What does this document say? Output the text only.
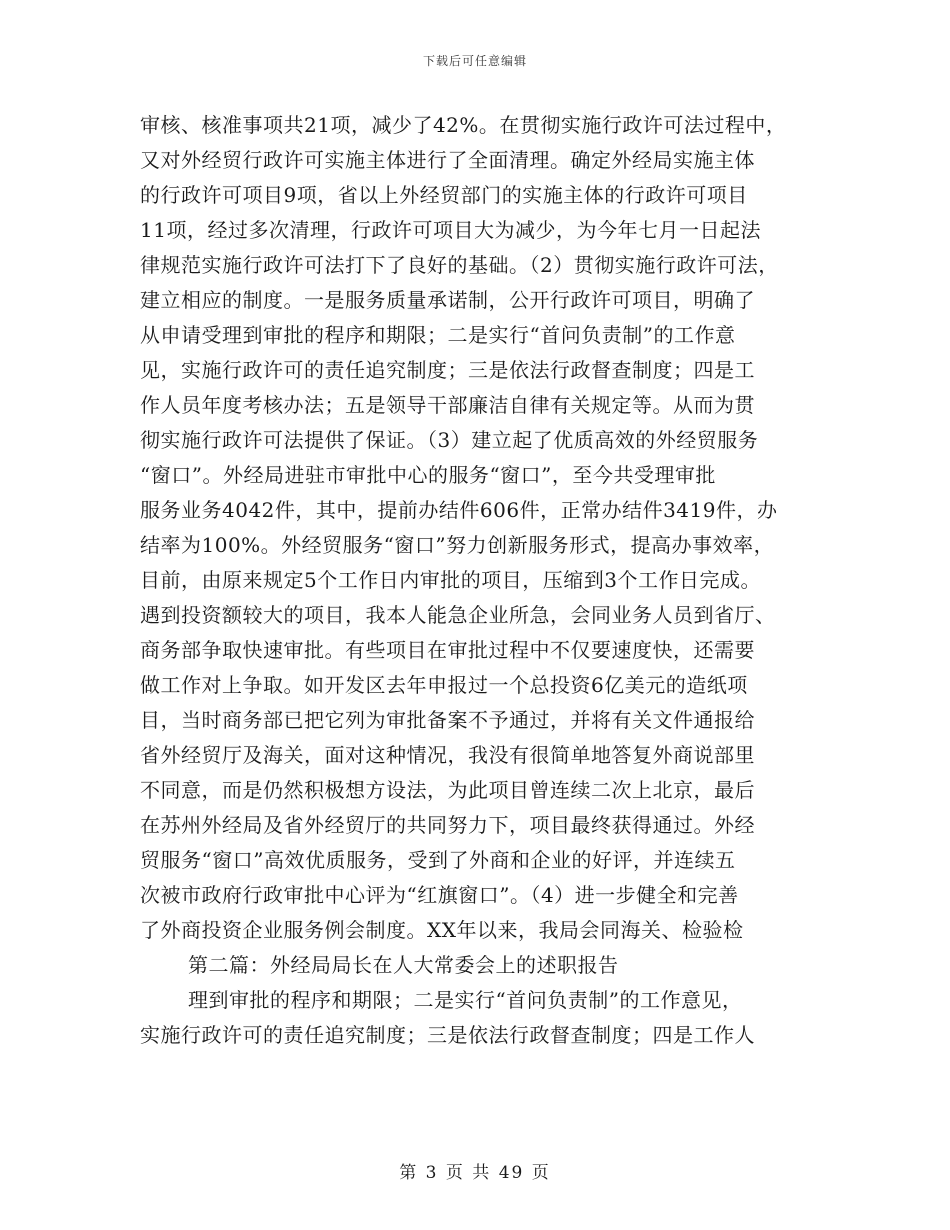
下载后可任意编辑
审核、核准事项共21项，减少了42%。在贯彻实施行政许可法过程中，
又对外经贸行政许可实施主体进行了全面清理。确定外经局实施主体
的行政许可项目9项，省以上外经贸部门的实施主体的行政许可项目
11项，经过多次清理，行政许可项目大为减少，为今年七月一日起法
律规范实施行政许可法打下了良好的基础。（2）贯彻实施行政许可法，
建立相应的制度。一是服务质量承诺制，公开行政许可项目，明确了
从申请受理到审批的程序和期限；二是实行“首问负责制”的工作意
见，实施行政许可的责任追究制度；三是依法行政督查制度；四是工
作人员年度考核办法；五是领导干部廉洁自律有关规定等。从而为贯
彻实施行政许可法提供了保证。（3）建立起了优质高效的外经贸服务
“窗口”。外经局进驻市审批中心的服务“窗口”，至今共受理审批
服务业务4042件，其中，提前办结件606件，正常办结件3419件，办
结率为100%。外经贸服务“窗口”努力创新服务形式，提高办事效率，
目前，由原来规定5个工作日内审批的项目，压缩到3个工作日完成。
遇到投资额较大的项目，我本人能急企业所急，会同业务人员到省厅、
商务部争取快速审批。有些项目在审批过程中不仅要速度快，还需要
做工作对上争取。如开发区去年申报过一个总投资6亿美元的造纸项
目，当时商务部已把它列为审批备案不予通过，并将有关文件通报给
省外经贸厅及海关，面对这种情况，我没有很简单地答复外商说部里
不同意，而是仍然积极想方设法，为此项目曾连续二次上北京，最后
在苏州外经局及省外经贸厅的共同努力下，项目最终获得通过。外经
贸服务“窗口”高效优质服务，受到了外商和企业的好评，并连续五
次被市政府行政审批中心评为“红旗窗口”。（4）进一步健全和完善
了外商投资企业服务例会制度。XX年以来，我局会同海关、检验检
第二篇：外经局局长在人大常委会上的述职报告
理到审批的程序和期限；二是实行“首问负责制”的工作意见，
实施行政许可的责任追究制度；三是依法行政督查制度；四是工作人
第 3 页 共 49 页
